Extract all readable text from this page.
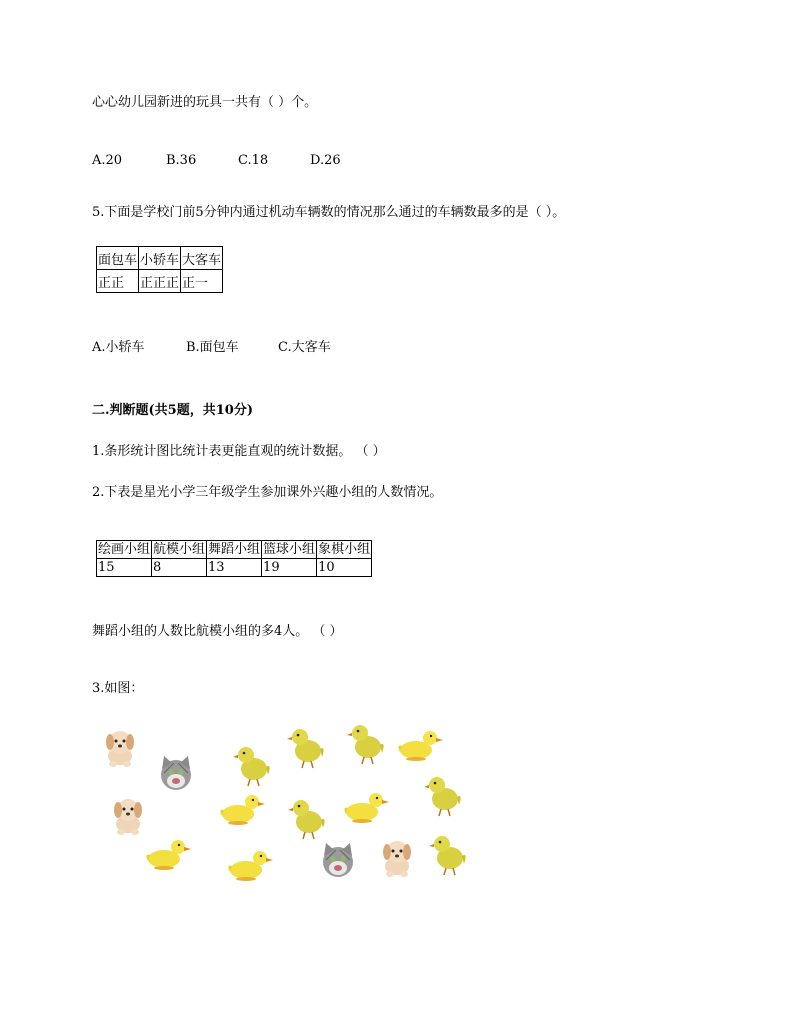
心心幼儿园新进的玩具一共有（ ）个。
A.20	B.36	C.18	D.26
5.下面是学校门前5分钟内通过机动车辆数的情况那么通过的车辆数最多的是（ ）。
面包车	小轿车	大客车
正正	正正正	正一
A.小轿车	B.面包车	C.大客车
二.判断题(共5题，共10分)
1.条形统计图比统计表更能直观的统计数据。 （ ）
2.下表是星光小学三年级学生参加课外兴趣小组的人数情况。
绘画小组	航模小组	舞蹈小组	篮球小组	象棋小组
15	8	13	19	10
舞蹈小组的人数比航模小组的多4人。 （ ）
3.如图：
